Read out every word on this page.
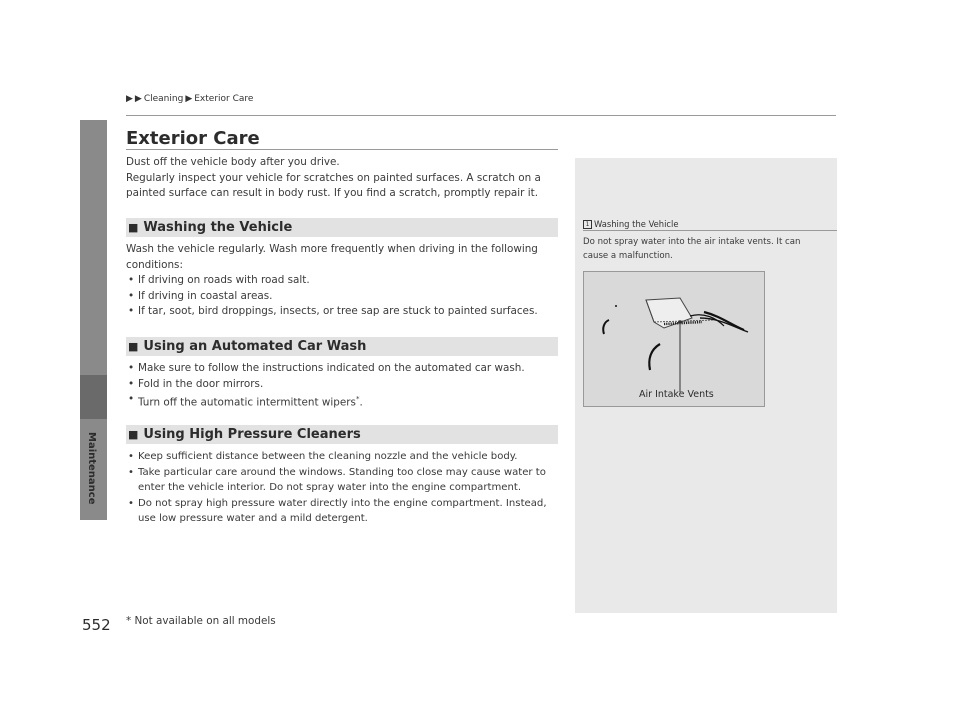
Maintenance
552
▶ ▶ Cleaning ▶ Exterior Care
Exterior Care
Dust off the vehicle body after you drive.
Regularly inspect your vehicle for scratches on painted surfaces. A scratch on a
painted surface can result in body rust. If you find a scratch, promptly repair it.
■ Washing the Vehicle
Wash the vehicle regularly. Wash more frequently when driving in the following
conditions:
• If driving on roads with road salt.
• If driving in coastal areas.
• If tar, soot, bird droppings, insects, or tree sap are stuck to painted surfaces.
■ Using an Automated Car Wash
• Make sure to follow the instructions indicated on the automated car wash.
• Fold in the door mirrors.
• Turn off the automatic intermittent wipers*.
■ Using High Pressure Cleaners
• Keep sufficient distance between the cleaning nozzle and the vehicle body.
• Take particular care around the windows. Standing too close may cause water to
enter the vehicle interior. Do not spray water into the engine compartment.
• Do not spray high pressure water directly into the engine compartment. Instead,
use low pressure water and a mild detergent.
1 Washing the Vehicle
Do not spray water into the air intake vents. It can
cause a malfunction.
Air Intake Vents
* Not available on all models
